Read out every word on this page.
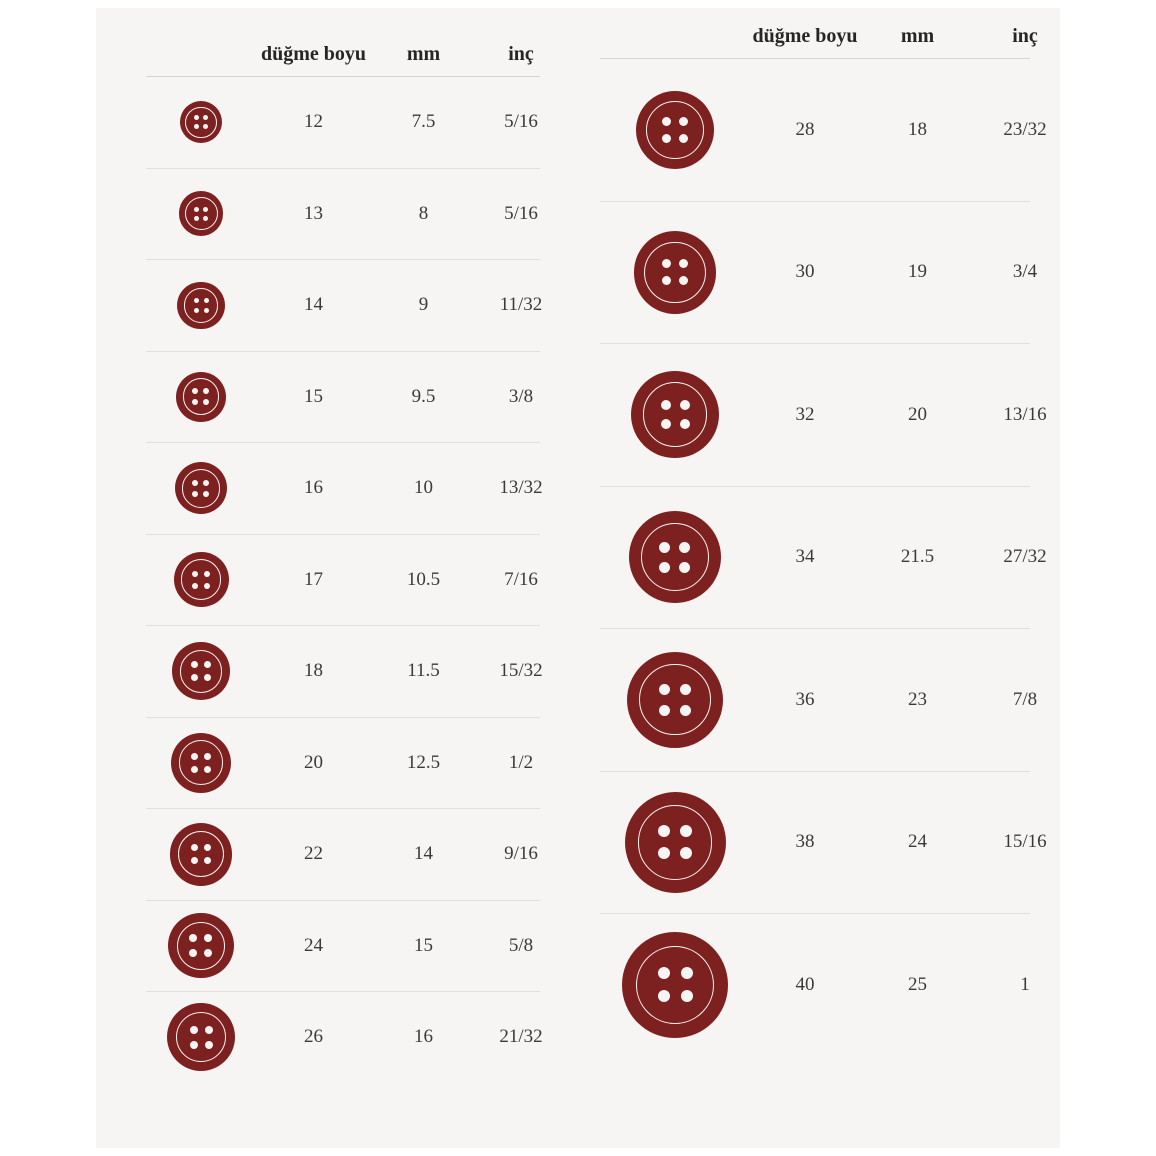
düğme boyu	mm	inç
12	7.5	5/16
13	8	5/16
14	9	11/32
15	9.5	3/8
16	10	13/32
17	10.5	7/16
18	11.5	15/32
20	12.5	1/2
22	14	9/16
24	15	5/8
26	16	21/32
düğme boyu	mm	inç
28	18	23/32
30	19	3/4
32	20	13/16
34	21.5	27/32
36	23	7/8
38	24	15/16
40	25	1
